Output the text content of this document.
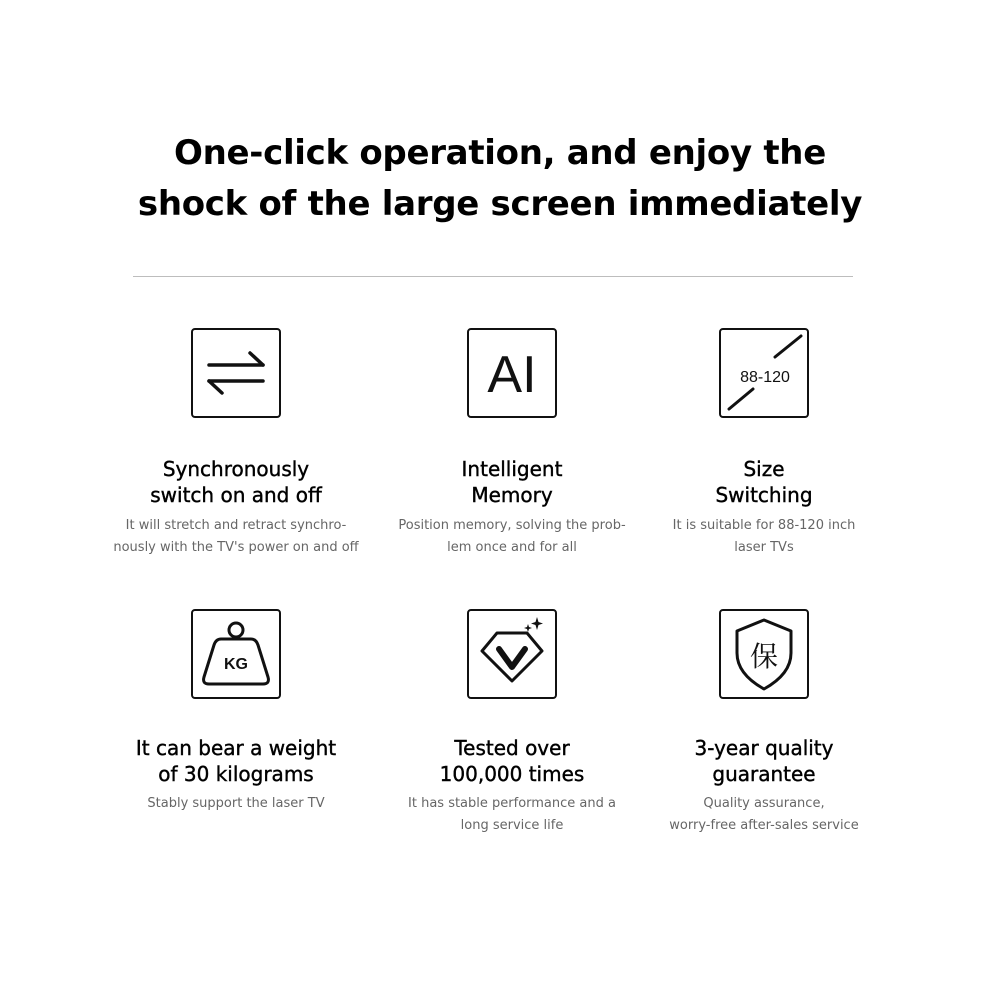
One-click operation, and enjoy the
shock of the large screen immediately
Synchronously
switch on and off
It will stretch and retract synchro-
nously with the TV's power on and off
AI
Intelligent
Memory
Position memory, solving the prob-
lem once and for all
88-120
Size
Switching
It is suitable for 88-120 inch
laser TVs
KG
It can bear a weight
of 30 kilograms
Stably support the laser TV
Tested over
100,000 times
It has stable performance and a
long service life
保
3-year quality
guarantee
Quality assurance,
worry-free after-sales service
